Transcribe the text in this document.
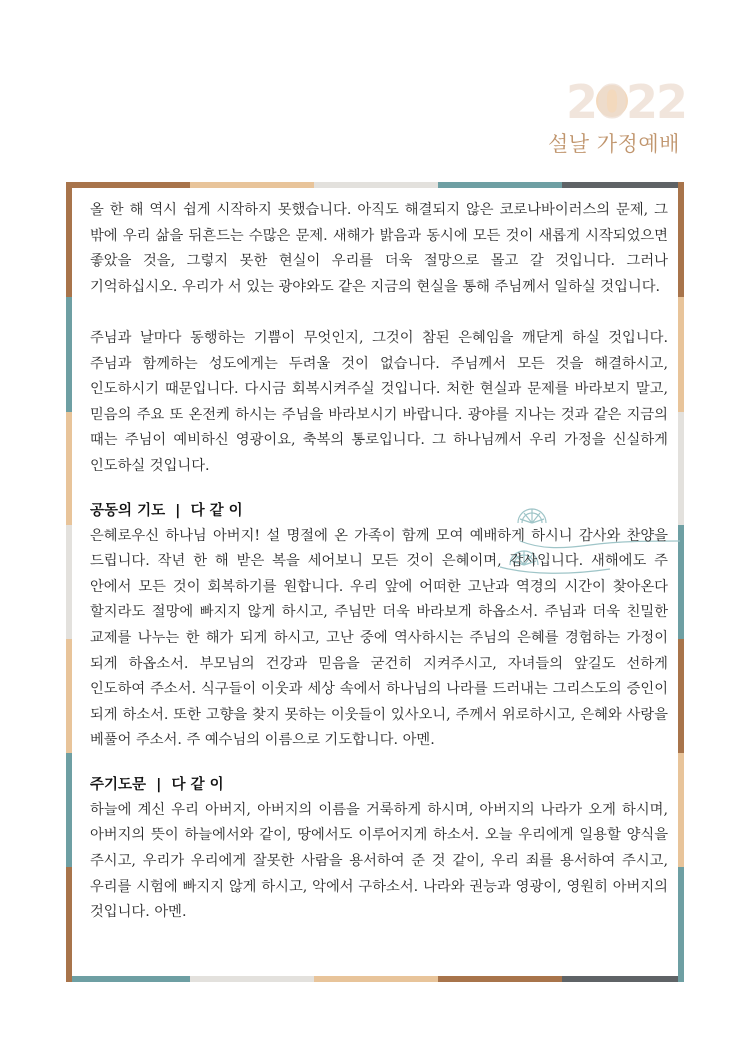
2022
설날 가정예배

올 한 해 역시 쉽게 시작하지 못했습니다. 아직도 해결되지 않은 코로나바이러스의 문제, 그 밖에 우리 삶을 뒤흔드는 수많은 문제. 새해가 밝음과 동시에 모든 것이 새롭게 시작되었으면 좋았을 것을, 그렇지 못한 현실이 우리를 더욱 절망으로 몰고 갈 것입니다. 그러나 기억하십시오. 우리가 서 있는 광야와도 같은 지금의 현실을 통해 주님께서 일하실 것입니다.

주님과 날마다 동행하는 기쁨이 무엇인지, 그것이 참된 은혜임을 깨닫게 하실 것입니다. 주님과 함께하는 성도에게는 두려울 것이 없습니다. 주님께서 모든 것을 해결하시고, 인도하시기 때문입니다. 다시금 회복시켜주실 것입니다. 처한 현실과 문제를 바라보지 말고, 믿음의 주요 또 온전케 하시는 주님을 바라보시기 바랍니다. 광야를 지나는 것과 같은 지금의 때는 주님이 예비하신 영광이요, 축복의 통로입니다. 그 하나님께서 우리 가정을 신실하게 인도하실 것입니다.

공동의 기도  |  다 같 이

은혜로우신 하나님 아버지! 설 명절에 온 가족이 함께 모여 예배하게 하시니 감사와 찬양을 드립니다. 작년 한 해 받은 복을 세어보니 모든 것이 은혜이며, 감사입니다. 새해에도 주 안에서 모든 것이 회복하기를 원합니다. 우리 앞에 어떠한 고난과 역경의 시간이 찾아온다 할지라도 절망에 빠지지 않게 하시고, 주님만 더욱 바라보게 하옵소서. 주님과 더욱 친밀한 교제를 나누는 한 해가 되게 하시고, 고난 중에 역사하시는 주님의 은혜를 경험하는 가정이 되게 하옵소서. 부모님의 건강과 믿음을 굳건히 지켜주시고, 자녀들의 앞길도 선하게 인도하여 주소서. 식구들이 이웃과 세상 속에서 하나님의 나라를 드러내는 그리스도의 증인이 되게 하소서. 또한 고향을 찾지 못하는 이웃들이 있사오니, 주께서 위로하시고, 은혜와 사랑을 베풀어 주소서. 주 예수님의 이름으로 기도합니다. 아멘.

주기도문  |  다 같 이

하늘에 계신 우리 아버지, 아버지의 이름을 거룩하게 하시며, 아버지의 나라가 오게 하시며, 아버지의 뜻이 하늘에서와 같이, 땅에서도 이루어지게 하소서. 오늘 우리에게 일용할 양식을 주시고, 우리가 우리에게 잘못한 사람을 용서하여 준 것 같이, 우리 죄를 용서하여 주시고, 우리를 시험에 빠지지 않게 하시고, 악에서 구하소서. 나라와 권능과 영광이, 영원히 아버지의 것입니다. 아멘.
